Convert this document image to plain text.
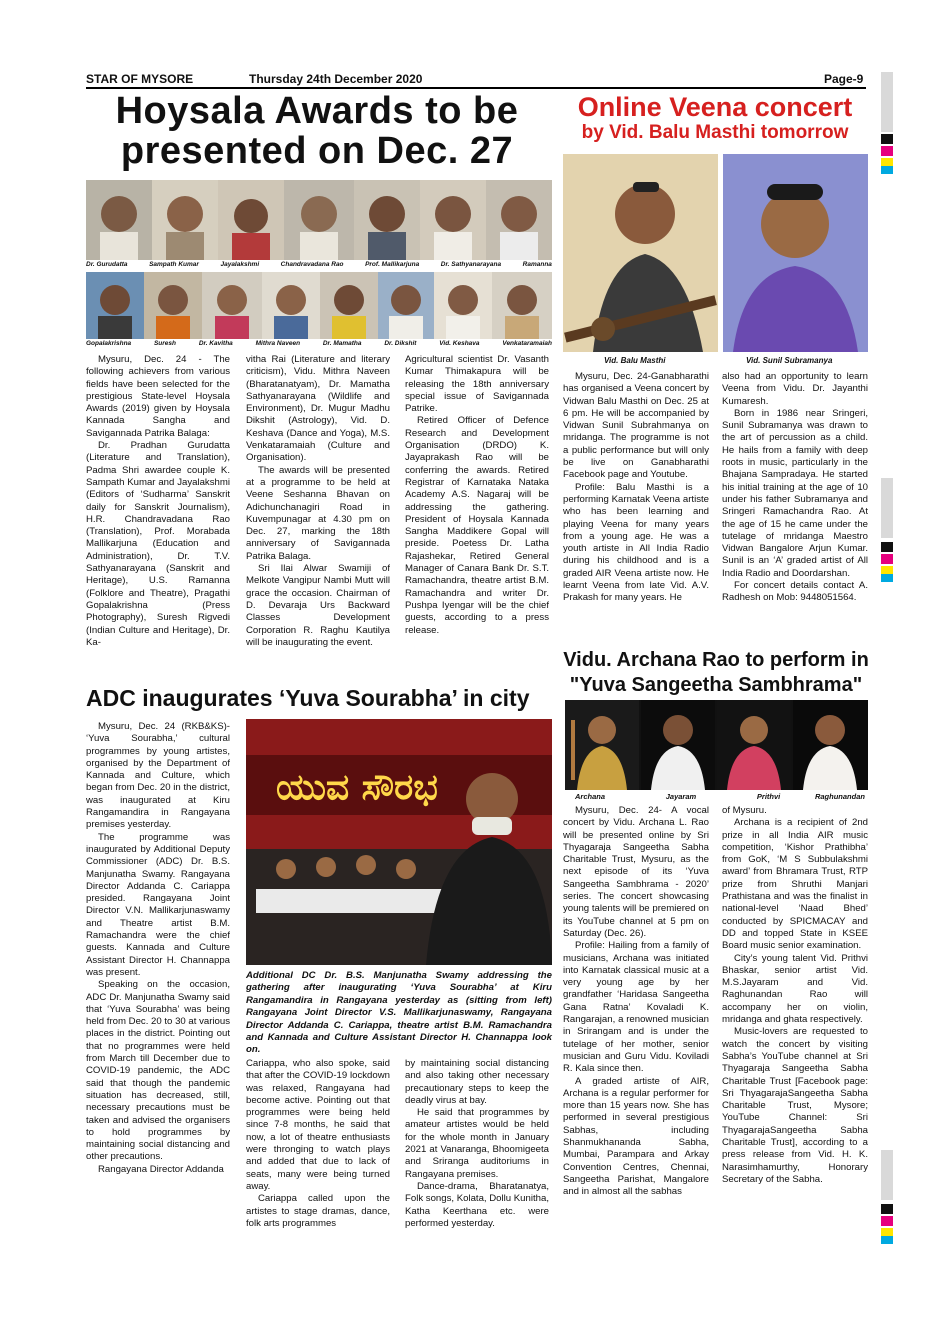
STAR OF MYSORE	Thursday 24th December 2020	Page-9
Hoysala Awards to be
presented on Dec. 27
Dr. Gurudatta	Sampath Kumar	Jayalakshmi	Chandravadana Rao	Prof. Mallikarjuna	Dr. Sathyanarayana	Ramanna
Gopalakrishna	Suresh	Dr. Kavitha	Mithra Naveen	Dr. Mamatha	Dr. Dikshit	Vid. Keshava	Venkataramaiah

Mysuru, Dec. 24 - The following achievers from various fields have been selected for the prestigious State-level Hoysala Awards (2019) given by Hoysala Kannada Sangha and Savigannada Patrika Balaga:

Dr. Pradhan Gurudatta (Literature and Translation), Padma Shri awardee couple K. Sampath Kumar and Jayalakshmi (Editors of ‘Sudharma’ Sanskrit daily for Sanskrit Journalism), H.R. Chandravadana Rao (Translation), Prof. Morabada Mallikarjuna (Education and Administration), Dr. T.V. Sathyanarayana (Sanskrit and Heritage), U.S. Ramanna (Folklore and Theatre), Pragathi Gopalakrishna (Press Photography), Suresh Rigvedi (Indian Culture and Heritage), Dr. Ka-

vitha Rai (Literature and literary criticism), Vidu. Mithra Naveen (Bharatanatyam), Dr. Mamatha Sathyanarayana (Wildlife and Environment), Dr. Mugur Madhu Dikshit (Astrology), Vid. D. Keshava (Dance and Yoga), M.S. Venkataramaiah (Culture and Organisation).

The awards will be presented at a programme to be held at Veene Seshanna Bhavan on Adichunchanagiri Road in Kuvempunagar at 4.30 pm on Dec. 27, marking the 18th anniversary of Savigannada Patrika Balaga.

Sri Ilai Alwar Swamiji of Melkote Vangipur Nambi Mutt will grace the occasion. Chairman of D. Devaraja Urs Backward Classes Development Corporation R. Raghu Kautilya will be inaugurating the event.

Agricultural scientist Dr. Vasanth Kumar Thimakapura will be releasing the 18th anniversary special issue of Savigannada Patrike.

Retired Officer of Defence Research and Development Organisation (DRDO) K. Jayaprakash Rao will be conferring the awards. Retired Registrar of Karnataka Nataka Academy A.S. Nagaraj will be addressing the gathering. President of Hoysala Kannada Sangha Maddikere Gopal will preside. Poetess Dr. Latha Rajashekar, Retired General Manager of Canara Bank Dr. S.T. Ramachandra, theatre artist B.M. Ramachandra and writer Dr. Pushpa Iyengar will be the chief guests, according to a press release.

Online Veena concert
by Vid. Balu Masthi tomorrow
Vid. Balu Masthi	Vid. Sunil Subramanya

Mysuru, Dec. 24-Ganabharathi has organised a Veena concert by Vidwan Balu Masthi on Dec. 25 at 6 pm. He will be accompanied by Vidwan Sunil Subrahmanya on mridanga. The programme is not a public performance but will only be live on Ganabharathi Facebook page and Youtube.

Profile: Balu Masthi is a performing Karnatak Veena artiste who has been learning and playing Veena for many years from a young age. He was a youth artiste in All India Radio during his childhood and is a graded AIR Veena artiste now. He learnt Veena from late Vid. A.V. Prakash for many years. He

also had an opportunity to learn Veena from Vidu. Dr. Jayanthi Kumaresh.

Born in 1986 near Sringeri, Sunil Subramanya was drawn to the art of percussion as a child. He hails from a family with deep roots in music, particularly in the Bhajana Sampradaya. He started his initial training at the age of 10 under his father Subramanya and Sringeri Ramachandra Rao. At the age of 15 he came under the tutelage of mridanga Maestro Vidwan Bangalore Arjun Kumar. Sunil is an ‘A’ graded artist of All India Radio and Doordarshan.

For concert details contact A. Radhesh on Mob: 9448051564.

Vidu. Archana Rao to perform in
"Yuva Sangeetha Sambhrama"
Archana	Jayaram	Prithvi	Raghunandan

Mysuru, Dec. 24- A vocal concert by Vidu. Archana L. Rao will be presented online by Sri Thyagaraja Sangeetha Sabha Charitable Trust, Mysuru, as the next episode of its ‘Yuva Sangeetha Sambhrama - 2020’ series. The concert showcasing young talents will be premiered on its YouTube channel at 5 pm on Saturday (Dec. 26).

Profile: Hailing from a family of musicians, Archana was initiated into Karnatak classical music at a very young age by her grandfather ‘Haridasa Sangeetha Gana Ratna’ Kovaladi K. Rangarajan, a renowned musician in Srirangam and is under the tutelage of her mother, senior musician and Guru Vidu. Koviladi R. Kala since then.

A graded artiste of AIR, Archana is a regular performer for more than 15 years now. She has performed in several prestigious Sabhas, including Shanmukhananda Sabha, Mumbai, Parampara and Arkay Convention Centres, Chennai, Sangeetha Parishat, Mangalore and in almost all the sabhas

of Mysuru.

Archana is a recipient of 2nd prize in all India AIR music competition, ‘Kishor Prathibha’ from GoK, ‘M S Subbulakshmi award’ from Bhramara Trust, RTP prize from Shruthi Manjari Prathistana and was the finalist in national-level ‘Naad Bhed’ conducted by SPICMACAY and DD and topped State in KSEE Board music senior examination.

City’s young talent Vid. Prithvi Bhaskar, senior artist Vid. M.S.Jayaram and Vid. Raghunandan Rao will accompany her on violin, mridanga and ghata respectively.

Music-lovers are requested to watch the concert by visiting Sabha’s YouTube channel at Sri Thyagaraja Sangeetha Sabha Charitable Trust [Facebook page: Sri ThyagarajaSangeetha Sabha Charitable Trust, Mysore; YouTube Channel: Sri ThyagarajaSangeetha Sabha Charitable Trust], according to a press release from Vid. H. K. Narasimhamurthy, Honorary Secretary of the Sabha.

ADC inaugurates ‘Yuva Sourabha’ in city

Mysuru, Dec. 24 (RKB&KS)- ‘Yuva Sourabha,’ cultural programmes by young artistes, organised by the Department of Kannada and Culture, which began from Dec. 20 in the district, was inaugurated at Kiru Rangamandira in Rangayana premises yesterday.

The programme was inaugurated by Additional Deputy Commissioner (ADC) Dr. B.S. Manjunatha Swamy. Rangayana Director Addanda C. Cariappa presided. Rangayana Joint Director V.N. Mallikarjunaswamy and Theatre artist B.M. Ramachandra were the chief guests. Kannada and Culture Assistant Director H. Channappa was present.

Speaking on the occasion, ADC Dr. Manjunatha Swamy said that ‘Yuva Sourabha’ was being held from Dec. 20 to 30 at various places in the district. Pointing out that no programmes were held from March till December due to COVID-19 pandemic, the ADC said that though the pandemic situation has decreased, still, necessary precautions must be taken and advised the organisers to hold programmes by maintaining social distancing and other precautions.

Rangayana Director Addanda

ಯುವ ಸೌರಭ
Additional DC Dr. B.S. Manjunatha Swamy addressing the gathering after inaugurating ‘Yuva Sourabha’ at Kiru Rangamandira in Rangayana yesterday as (sitting from left) Rangayana Joint Director V.S. Mallikarjunaswamy, Rangayana Director Addanda C. Cariappa, theatre artist B.M. Ramachandra and Kannada and Culture Assistant Director H. Channappa look on.

Cariappa, who also spoke, said that after the COVID-19 lockdown was relaxed, Rangayana had become active. Pointing out that programmes were being held since 7-8 months, he said that now, a lot of theatre enthusiasts were thronging to watch plays and added that due to lack of seats, many were being turned away.

Cariappa called upon the artistes to stage dramas, dance, folk arts programmes

by maintaining social distancing and also taking other necessary precautionary steps to keep the deadly virus at bay.

He said that programmes by amateur artistes would be held for the whole month in January 2021 at Vanaranga, Bhoomigeeta and Sriranga auditoriums in Rangayana premises.

Dance-drama, Bharatanatya, Folk songs, Kolata, Dollu Kunitha, Katha Keerthana etc. were performed yesterday.
